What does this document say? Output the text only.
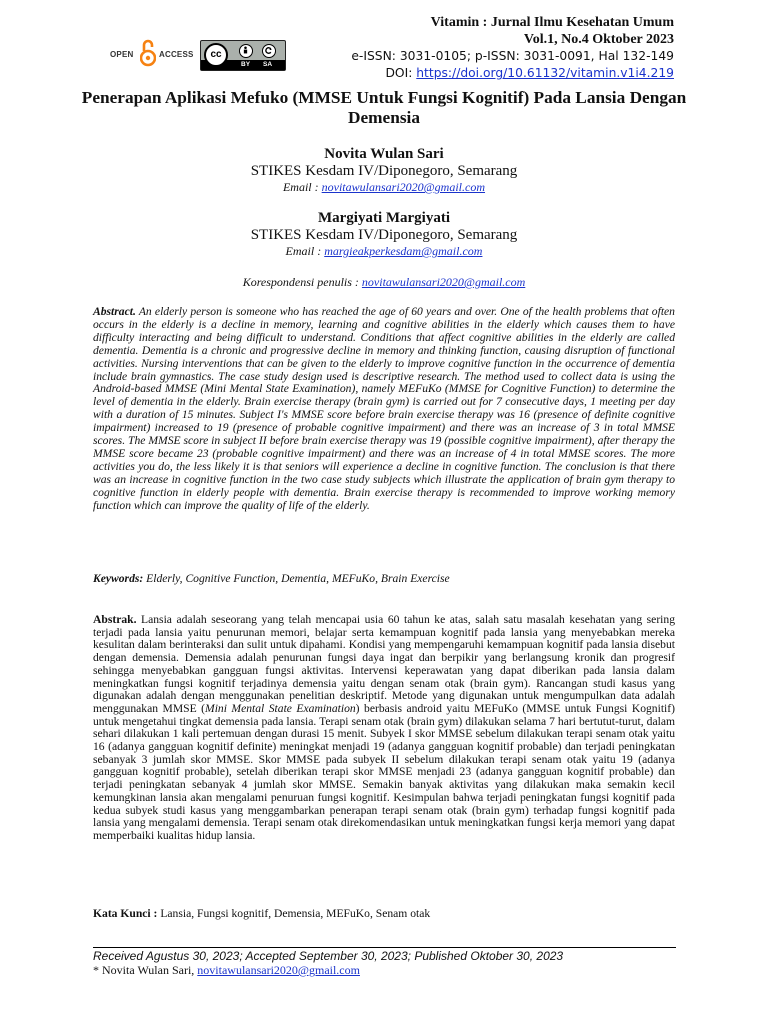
Vitamin : Jurnal Ilmu Kesehatan Umum
Vol.1, No.4 Oktober 2023
e-ISSN: 3031-0105; p-ISSN: 3031-0091, Hal 132-149
DOI: https://doi.org/10.61132/vitamin.v1i4.219
OPEN	ACCESS	cc
BY SA
Penerapan Aplikasi Mefuko (MMSE Untuk Fungsi Kognitif) Pada Lansia Dengan Demensia
Novita Wulan Sari
STIKES Kesdam IV/Diponegoro, Semarang
Email : novitawulansari2020@gmail.com
Margiyati Margiyati
STIKES Kesdam IV/Diponegoro, Semarang
Email : margieakperkesdam@gmail.com
Korespondensi penulis : novitawulansari2020@gmail.com
Abstract. An elderly person is someone who has reached the age of 60 years and over. One of the health problems that often occurs in the elderly is a decline in memory, learning and cognitive abilities in the elderly which causes them to have difficulty interacting and being difficult to understand. Conditions that affect cognitive abilities in the elderly are called dementia. Dementia is a chronic and progressive decline in memory and thinking function, causing disruption of functional activities. Nursing interventions that can be given to the elderly to improve cognitive function in the occurrence of dementia include brain gymnastics. The case study design used is descriptive research. The method used to collect data is using the Android-based MMSE (Mini Mental State Examination), namely MEFuKo (MMSE for Cognitive Function) to determine the level of dementia in the elderly. Brain exercise therapy (brain gym) is carried out for 7 consecutive days, 1 meeting per day with a duration of 15 minutes. Subject I's MMSE score before brain exercise therapy was 16 (presence of definite cognitive impairment) increased to 19 (presence of probable cognitive impairment) and there was an increase of 3 in total MMSE scores. The MMSE score in subject II before brain exercise therapy was 19 (possible cognitive impairment), after therapy the MMSE score became 23 (probable cognitive impairment) and there was an increase of 4 in total MMSE scores. The more activities you do, the less likely it is that seniors will experience a decline in cognitive function. The conclusion is that there was an increase in cognitive function in the two case study subjects which illustrate the application of brain gym therapy to cognitive function in elderly people with dementia. Brain exercise therapy is recommended to improve working memory function which can improve the quality of life of the elderly.
Keywords: Elderly, Cognitive Function, Dementia, MEFuKo, Brain Exercise
Abstrak. Lansia adalah seseorang yang telah mencapai usia 60 tahun ke atas, salah satu masalah kesehatan yang sering terjadi pada lansia yaitu penurunan memori, belajar serta kemampuan kognitif pada lansia yang menyebabkan mereka kesulitan dalam berinteraksi dan sulit untuk dipahami. Kondisi yang mempengaruhi kemampuan kognitif pada lansia disebut dengan demensia. Demensia adalah penurunan fungsi daya ingat dan berpikir yang berlangsung kronik dan progresif sehingga menyebabkan gangguan fungsi aktivitas. Intervensi keperawatan yang dapat diberikan pada lansia dalam meningkatkan fungsi kognitif terjadinya demensia yaitu dengan senam otak (brain gym). Rancangan studi kasus yang digunakan adalah dengan menggunakan penelitian deskriptif. Metode yang digunakan untuk mengumpulkan data adalah menggunakan MMSE (Mini Mental State Examination) berbasis android yaitu MEFuKo (MMSE untuk Fungsi Kognitif) untuk mengetahui tingkat demensia pada lansia. Terapi senam otak (brain gym) dilakukan selama 7 hari bertutut-turut, dalam sehari dilakukan 1 kali pertemuan dengan durasi 15 menit. Subyek I skor MMSE sebelum dilakukan terapi senam otak yaitu 16 (adanya gangguan kognitif definite) meningkat menjadi 19 (adanya gangguan kognitif probable) dan terjadi peningkatan sebanyak 3 jumlah skor MMSE. Skor MMSE pada subyek II sebelum dilakukan terapi senam otak yaitu 19 (adanya gangguan kognitif probable), setelah diberikan terapi skor MMSE menjadi 23 (adanya gangguan kognitif probable) dan terjadi peningkatan sebanyak 4 jumlah skor MMSE. Semakin banyak aktivitas yang dilakukan maka semakin kecil kemungkinan lansia akan mengalami penuruan fungsi kognitif. Kesimpulan bahwa terjadi peningkatan fungsi kognitif pada kedua subyek studi kasus yang menggambarkan penerapan terapi senam otak (brain gym) terhadap fungsi kognitif pada lansia yang mengalami demensia. Terapi senam otak direkomendasikan untuk meningkatkan fungsi kerja memori yang dapat memperbaiki kualitas hidup lansia.
Kata Kunci : Lansia, Fungsi kognitif, Demensia, MEFuKo, Senam otak
Received Agustus 30, 2023; Accepted September 30, 2023; Published Oktober 30, 2023
* Novita Wulan Sari, novitawulansari2020@gmail.com
